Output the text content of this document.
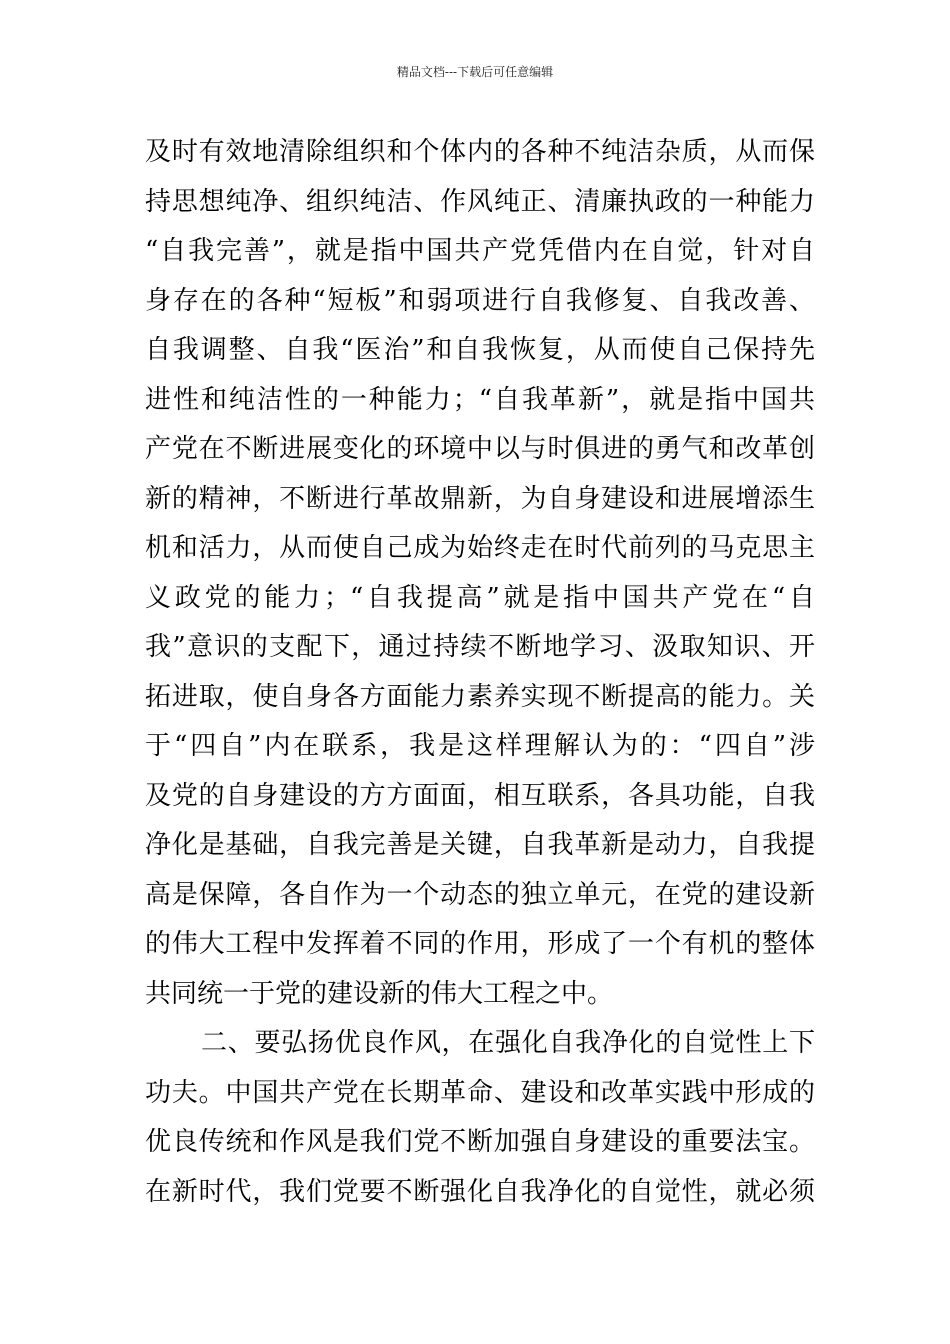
精品文档---下载后可任意编辑
及时有效地清除组织和个体内的各种不纯洁杂质，从而保
持思想纯净、组织纯洁、作风纯正、清廉执政的一种能力
“自我完善”，就是指中国共产党凭借内在自觉，针对自
身存在的各种“短板”和弱项进行自我修复、自我改善、
自我调整、自我“医治”和自我恢复，从而使自己保持先
进性和纯洁性的一种能力；“自我革新”，就是指中国共
产党在不断进展变化的环境中以与时俱进的勇气和改革创
新的精神，不断进行革故鼎新，为自身建设和进展增添生
机和活力，从而使自己成为始终走在时代前列的马克思主
义政党的能力；“自我提高”就是指中国共产党在“自
我”意识的支配下，通过持续不断地学习、汲取知识、开
拓进取，使自身各方面能力素养实现不断提高的能力。关
于“四自”内在联系，我是这样理解认为的：“四自”涉
及党的自身建设的方方面面，相互联系，各具功能，自我
净化是基础，自我完善是关键，自我革新是动力，自我提
高是保障，各自作为一个动态的独立单元，在党的建设新
的伟大工程中发挥着不同的作用，形成了一个有机的整体
共同统一于党的建设新的伟大工程之中。
二、要弘扬优良作风，在强化自我净化的自觉性上下
功夫。中国共产党在长期革命、建设和改革实践中形成的
优良传统和作风是我们党不断加强自身建设的重要法宝。
在新时代，我们党要不断强化自我净化的自觉性，就必须
